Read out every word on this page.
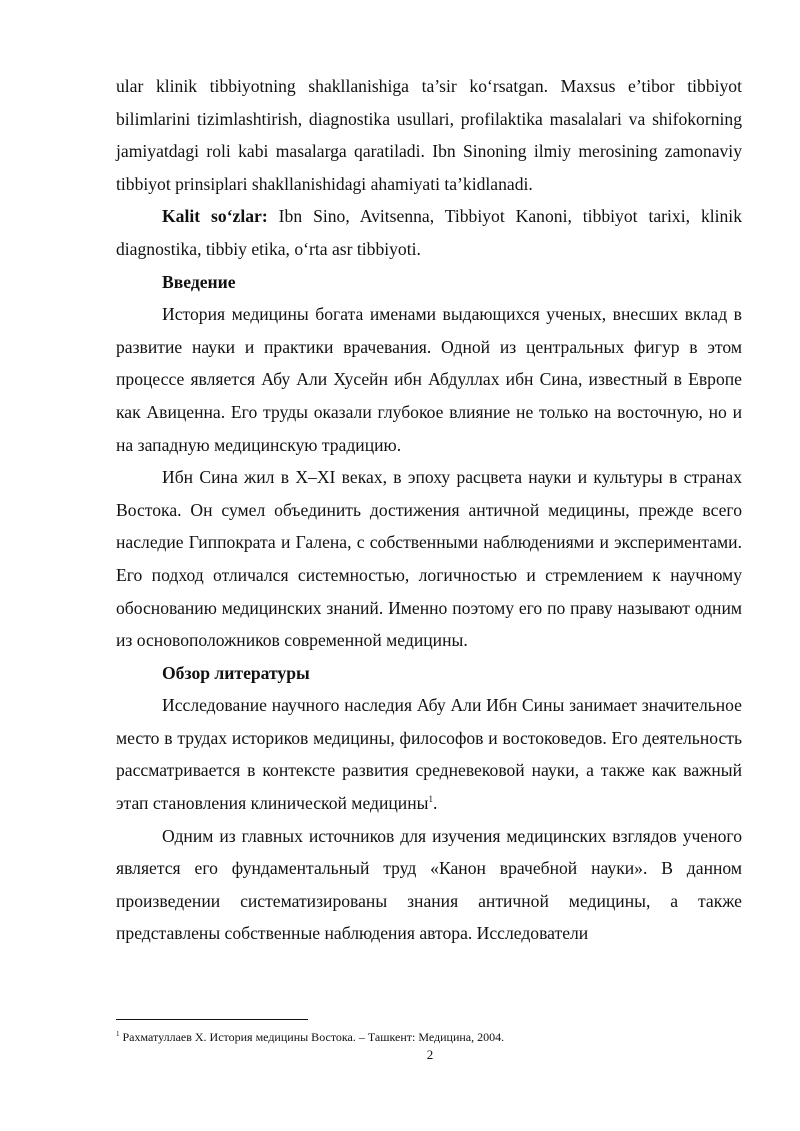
ular klinik tibbiyotning shakllanishiga ta’sir ko‘rsatgan. Maxsus e’tibor tibbiyot bilimlarini tizimlashtirish, diagnostika usullari, profilaktika masalalari va shifokorning jamiyatdagi roli kabi masalarga qaratiladi. Ibn Sinoning ilmiy merosining zamonaviy tibbiyot prinsiplari shakllanishidagi ahamiyati ta’kidlanadi.

Kalit so‘zlar: Ibn Sino, Avitsenna, Tibbiyot Kanoni, tibbiyot tarixi, klinik diagnostika, tibbiy etika, o‘rta asr tibbiyoti.

Введение

История медицины богата именами выдающихся ученых, внесших вклад в развитие науки и практики врачевания. Одной из центральных фигур в этом процессе является Абу Али Хусейн ибн Абдуллах ибн Сина, известный в Европе как Авиценна. Его труды оказали глубокое влияние не только на восточную, но и на западную медицинскую традицию.

Ибн Сина жил в X–XI веках, в эпоху расцвета науки и культуры в странах Востока. Он сумел объединить достижения античной медицины, прежде всего наследие Гиппократа и Галена, с собственными наблюдениями и экспериментами. Его подход отличался системностью, логичностью и стремлением к научному обоснованию медицинских знаний. Именно поэтому его по праву называют одним из основоположников современной медицины.

Обзор литературы

Исследование научного наследия Абу Али Ибн Сины занимает значительное место в трудах историков медицины, философов и востоковедов. Его деятельность рассматривается в контексте развития средневековой науки, а также как важный этап становления клинической медицины$^1$.

Одним из главных источников для изучения медицинских взглядов ученого является его фундаментальный труд «Канон врачебной науки». В данном произведении систематизированы знания античной медицины, а также представлены собственные наблюдения автора. Исследователи

$^1$ Рахматуллаев Х. История медицины Востока. – Ташкент: Медицина, 2004.
2
